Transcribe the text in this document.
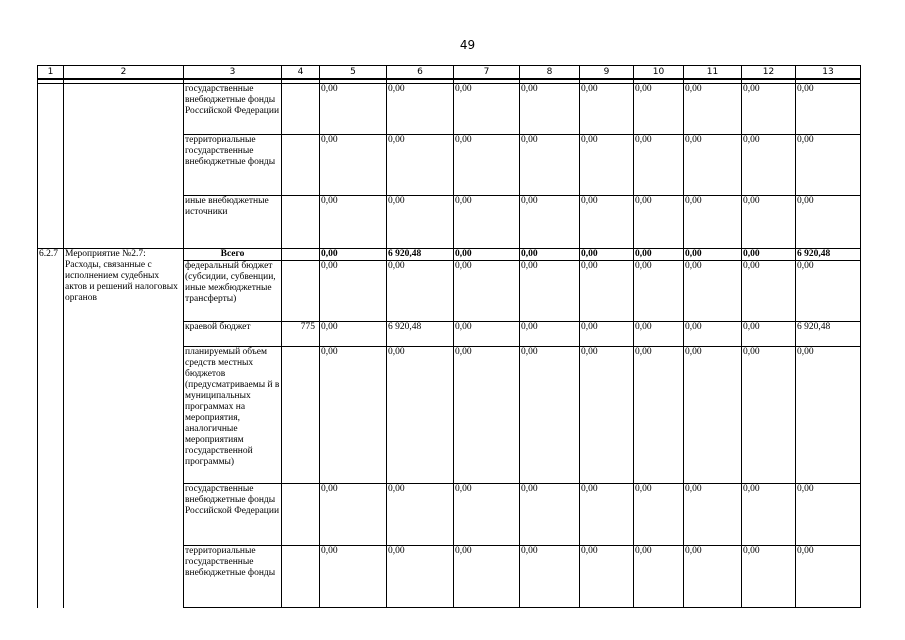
49
1	2	3	4	5	6	7	8	9	10	11	12	13

		государственные внебюджетные фонды Российской Федерации		0,00	0,00	0,00	0,00	0,00	0,00	0,00	0,00	0,00
		территориальные государственные внебюджетные фонды		0,00	0,00	0,00	0,00	0,00	0,00	0,00	0,00	0,00
		иные внебюджетные источники		0,00	0,00	0,00	0,00	0,00	0,00	0,00	0,00	0,00
6.2.7	Мероприятие №2.7: Расходы, связанные с исполнением судебных актов и решений налоговых органов	Всего		0,00	6 920,48	0,00	0,00	0,00	0,00	0,00	0,00	6 920,48
		федеральный бюджет (субсидии, субвенции, иные межбюджетные трансферты)		0,00	0,00	0,00	0,00	0,00	0,00	0,00	0,00	0,00
		краевой бюджет	775	0,00	6 920,48	0,00	0,00	0,00	0,00	0,00	0,00	6 920,48
		планируемый объем средств местных бюджетов (предусматриваемы й в муниципальных программах на мероприятия, аналогичные мероприятиям государственной программы)		0,00	0,00	0,00	0,00	0,00	0,00	0,00	0,00	0,00
		государственные внебюджетные фонды Российской Федерации		0,00	0,00	0,00	0,00	0,00	0,00	0,00	0,00	0,00
		территориальные государственные внебюджетные фонды		0,00	0,00	0,00	0,00	0,00	0,00	0,00	0,00	0,00
